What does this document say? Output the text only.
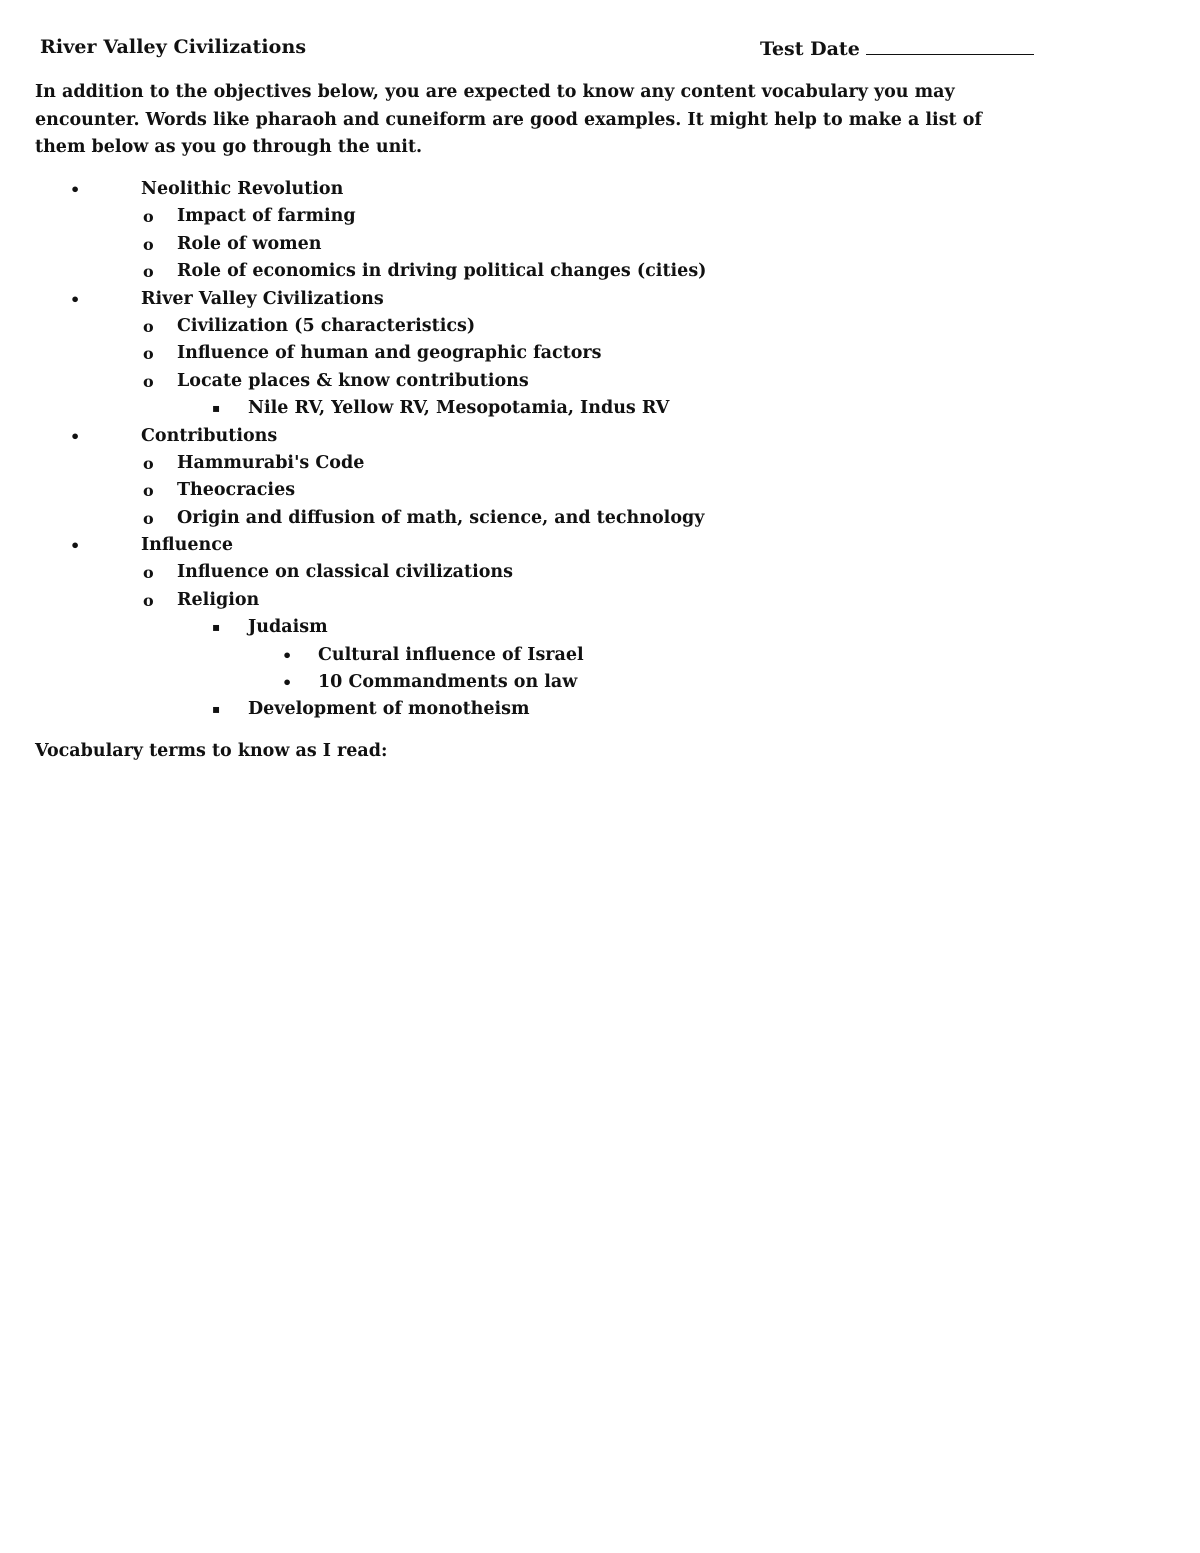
River Valley Civilizations	Test Date
In addition to the objectives below, you are expected to know any content vocabulary you may encounter. Words like pharaoh and cuneiform are good examples. It might help to make a list of them below as you go through the unit.
•	Neolithic Revolution
o Impact of farming
o Role of women
o Role of economics in driving political changes (cities)
•	River Valley Civilizations
o Civilization (5 characteristics)
o Influence of human and geographic factors
o Locate places & know contributions
▪ Nile RV, Yellow RV, Mesopotamia, Indus RV
•	Contributions
o Hammurabi's Code
o Theocracies
o Origin and diffusion of math, science, and technology
•	Influence
o Influence on classical civilizations
o Religion
▪ Judaism
• Cultural influence of Israel
• 10 Commandments on law
▪ Development of monotheism
Vocabulary terms to know as I read:
